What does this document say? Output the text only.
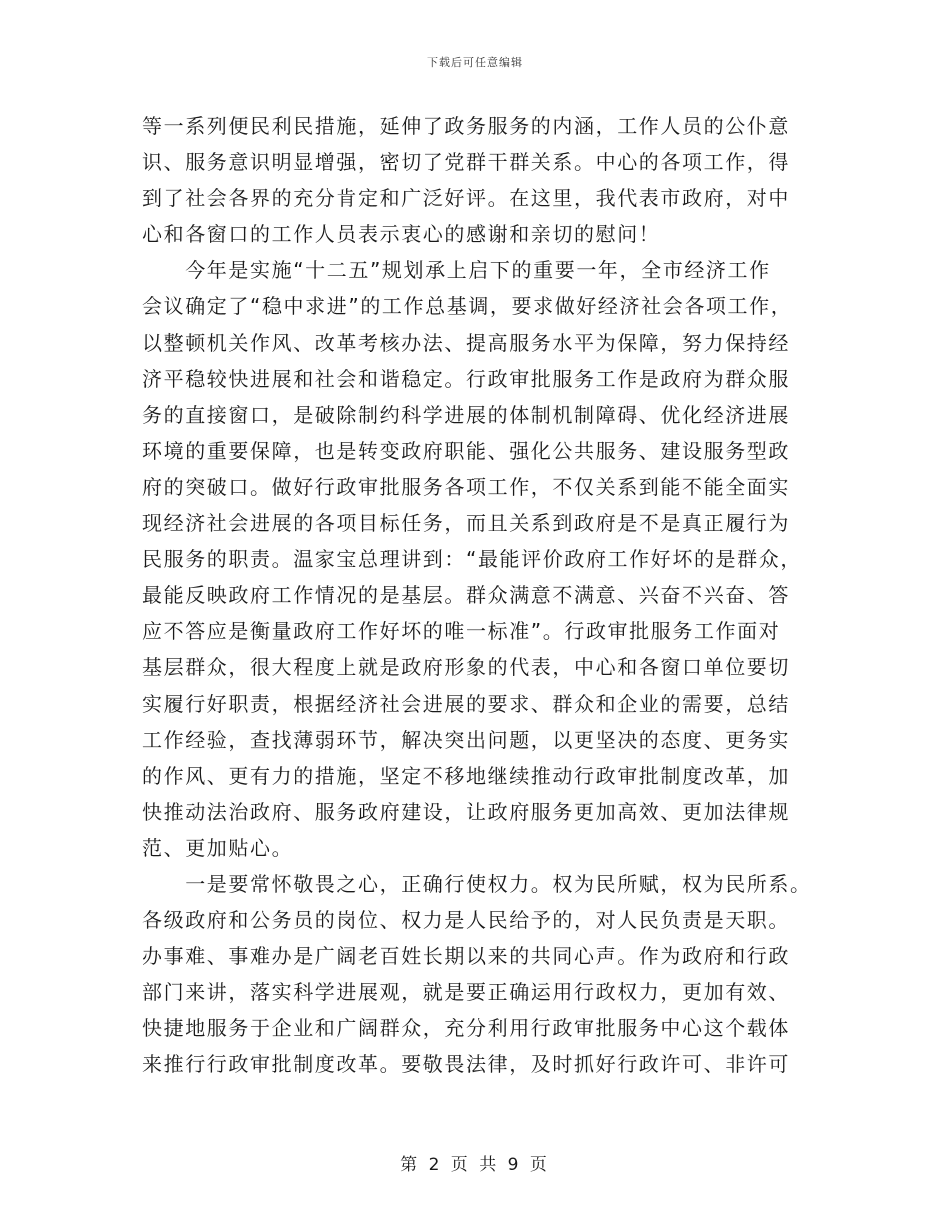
下载后可任意编辑
等一系列便民利民措施，延伸了政务服务的内涵，工作人员的公仆意
识、服务意识明显增强，密切了党群干群关系。中心的各项工作，得
到了社会各界的充分肯定和广泛好评。在这里，我代表市政府，对中
心和各窗口的工作人员表示衷心的感谢和亲切的慰问！
　　今年是实施“十二五”规划承上启下的重要一年，全市经济工作
会议确定了“稳中求进”的工作总基调，要求做好经济社会各项工作，
以整顿机关作风、改革考核办法、提高服务水平为保障，努力保持经
济平稳较快进展和社会和谐稳定。行政审批服务工作是政府为群众服
务的直接窗口，是破除制约科学进展的体制机制障碍、优化经济进展
环境的重要保障，也是转变政府职能、强化公共服务、建设服务型政
府的突破口。做好行政审批服务各项工作，不仅关系到能不能全面实
现经济社会进展的各项目标任务，而且关系到政府是不是真正履行为
民服务的职责。温家宝总理讲到：“最能评价政府工作好坏的是群众，
最能反映政府工作情况的是基层。群众满意不满意、兴奋不兴奋、答
应不答应是衡量政府工作好坏的唯一标准”。行政审批服务工作面对
基层群众，很大程度上就是政府形象的代表，中心和各窗口单位要切
实履行好职责，根据经济社会进展的要求、群众和企业的需要，总结
工作经验，查找薄弱环节，解决突出问题，以更坚决的态度、更务实
的作风、更有力的措施，坚定不移地继续推动行政审批制度改革，加
快推动法治政府、服务政府建设，让政府服务更加高效、更加法律规
范、更加贴心。
　　一是要常怀敬畏之心，正确行使权力。权为民所赋，权为民所系。
各级政府和公务员的岗位、权力是人民给予的，对人民负责是天职。
办事难、事难办是广阔老百姓长期以来的共同心声。作为政府和行政
部门来讲，落实科学进展观，就是要正确运用行政权力，更加有效、
快捷地服务于企业和广阔群众，充分利用行政审批服务中心这个载体
来推行行政审批制度改革。要敬畏法律，及时抓好行政许可、非许可
第 2 页 共 9 页
